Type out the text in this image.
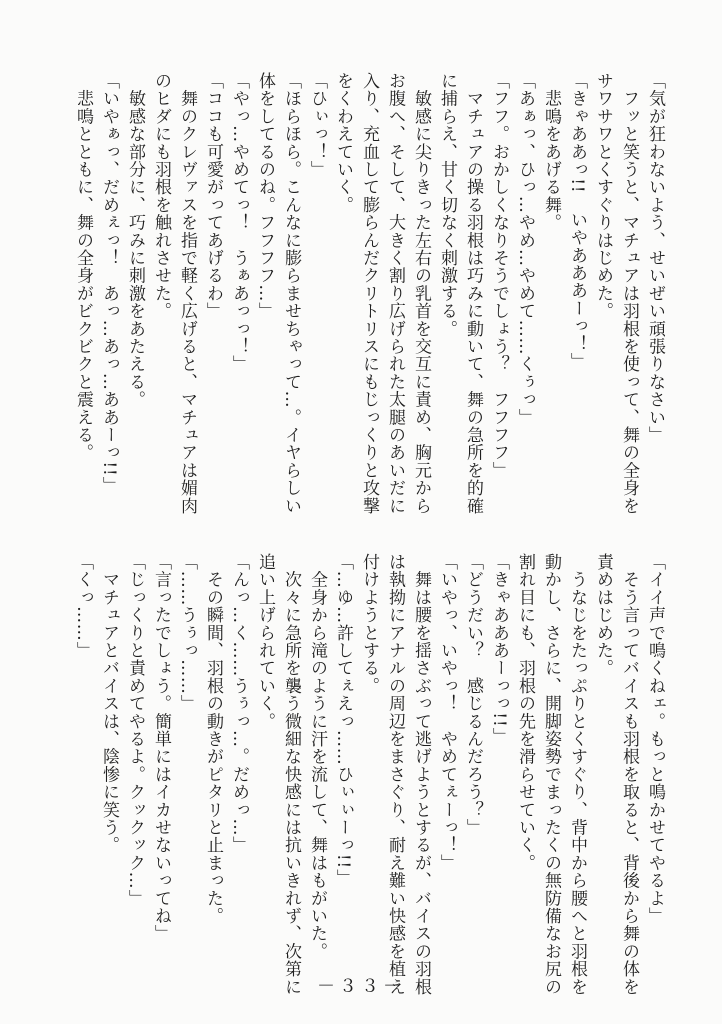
「気が狂わないよう、せいぜい頑張りなさい」
　フッと笑うと、マチュアは羽根を使って、舞の全身を
サワサワとくすぐりはじめた。
「きゃああっ!!　いやあああーっ！」
　悲鳴をあげる舞。
「あぁっ、ひっ…やめ…やめて……くぅっ」
「フフ。おかしくなりそうでしょう？　フフフフ」
　マチュアの操る羽根は巧みに動いて、舞の急所を的確
に捕らえ、甘く切なく刺激する。
　敏感に尖りきった左右の乳首を交互に責め、胸元から
お腹へ、そして、大きく割り広げられた太腿のあいだに
入り、充血して膨らんだクリトリスにもじっくりと攻撃
をくわえていく。
「ひぃっ！」
「ほらほら。こんなに膨らませちゃって…。イヤらしい
体をしてるのね。フフフフ…」
「やっ…やめてっ！　うぁあっっ！」
「ココも可愛がってあげるわ」
　舞のクレヴァスを指で軽く広げると、マチュアは媚肉
のヒダにも羽根を触れさせた。
　敏感な部分に、巧みに刺激をあたえる。
「いやぁっ、だめぇっ！　あっ…あっ…ああーっ!!」
　悲鳴とともに、舞の全身がビクビクと震える。
「イイ声で鳴くねェ。もっと鳴かせてやるよ」
　そう言ってバイスも羽根を取ると、背後から舞の体を
責めはじめた。
　うなじをたっぷりとくすぐり、背中から腰へと羽根を
動かし、さらに、開脚姿勢でまったくの無防備なお尻の
割れ目にも、羽根の先を滑らせていく。
「きゃあああーっっ!!」
「どうだい？　感じるんだろう？」
「いやっ、いやっ！　やめてぇーっ！」
　舞は腰を揺さぶって逃げようとするが、バイスの羽根
は執拗にアナルの周辺をまさぐり、耐え難い快感を植え
付けようとする。
「…ゆ…許してぇえっ……ひぃぃーっ!!」
　全身から滝のように汗を流して、舞はもがいた。
　次々に急所を襲う微細な快感には抗いきれず、次第に
追い上げられていく。
「んっ…く……うぅっ…。だめっ…」
　その瞬間、羽根の動きがピタリと止まった。
「……うぅっ……」
「言ったでしょう。簡単にはイカせないってね」
「じっくりと責めてやるよ。クックック…」
　マチュアとバイスは、陰惨に笑う。
「くっ……」
－３３－
